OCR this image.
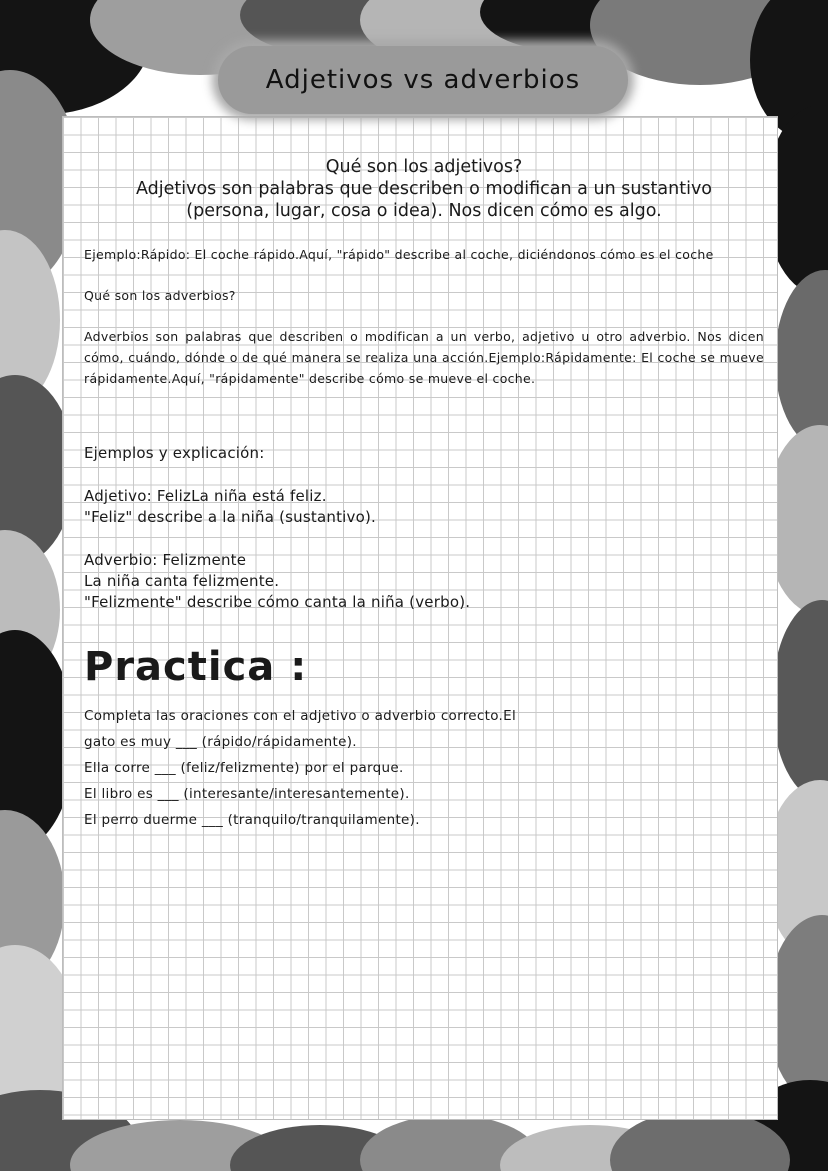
Adjetivos vs adverbios
Qué son los adjetivos?
Adjetivos son palabras que describen o modifican a un sustantivo (persona, lugar, cosa o idea). Nos dicen cómo es algo.

Ejemplo:Rápido: El coche rápido.Aquí, "rápido" describe al coche, diciéndonos cómo es el coche

Qué son los adverbios?

Adverbios son palabras que describen o modifican a un verbo, adjetivo u otro adverbio. Nos dicen cómo, cuándo, dónde o de qué manera se realiza una acción.Ejemplo:Rápidamente: El coche se mueve rápidamente.Aquí, "rápidamente" describe cómo se mueve el coche.

Ejemplos y explicación:

Adjetivo: FelizLa niña está feliz.

"Feliz" describe a la niña (sustantivo).

Adverbio: Felizmente

La niña canta felizmente.

"Felizmente" describe cómo canta la niña (verbo).

Practica :
Completa las oraciones con el adjetivo o adverbio correcto.El
gato es muy ___ (rápido/rápidamente).
Ella corre ___ (feliz/felizmente) por el parque.
El libro es ___ (interesante/interesantemente).
El perro duerme ___ (tranquilo/tranquilamente).
